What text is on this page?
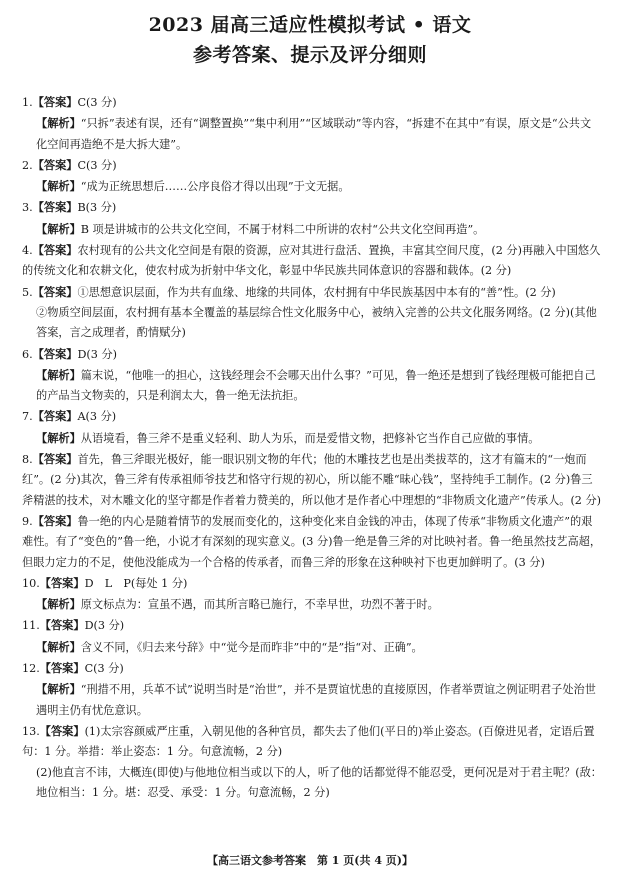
2023 届高三适应性模拟考试 • 语文
参考答案、提示及评分细则

1.【答案】C(3 分)

【解析】“只拆”表述有误，还有“调整置换”“集中利用”“区域联动”等内容，“拆建不在其中”有误，原文是“公共文化空间再造绝不是大拆大建”。

2.【答案】C(3 分)

【解析】“成为正统思想后……公序良俗才得以出现”于文无据。

3.【答案】B(3 分)

【解析】B 项是讲城市的公共文化空间，不属于材料二中所讲的农村“公共文化空间再造”。

4.【答案】农村现有的公共文化空间是有限的资源，应对其进行盘活、置换，丰富其空间尺度，(2 分)再融入中国悠久的传统文化和农耕文化，使农村成为折射中华文化，彰显中华民族共同体意识的容器和载体。(2 分)

5.【答案】①思想意识层面，作为共有血缘、地缘的共同体，农村拥有中华民族基因中本有的“善”性。(2 分)

②物质空间层面，农村拥有基本全覆盖的基层综合性文化服务中心，被纳入完善的公共文化服务网络。(2 分)(其他答案，言之成理者，酌情赋分)

6.【答案】D(3 分)

【解析】篇末说，“他唯一的担心，这钱经理会不会哪天出什么事？”可见，鲁一绝还是想到了钱经理极可能把自己的产品当文物卖的，只是利润太大，鲁一绝无法抗拒。

7.【答案】A(3 分)

【解析】从语境看，鲁三斧不是重义轻利、助人为乐，而是爱惜文物，把修补它当作自己应做的事情。

8.【答案】首先，鲁三斧眼光极好，能一眼识别文物的年代；他的木雕技艺也是出类拔萃的，这才有篇末的“一炮而红”。(2 分)其次，鲁三斧有传承祖师爷技艺和恪守行规的初心，所以能不雕“昧心钱”，坚持纯手工制作。(2 分)鲁三斧精湛的技术，对木雕文化的坚守都是作者着力赞美的，所以他才是作者心中理想的“非物质文化遗产”传承人。(2 分)

9.【答案】鲁一绝的内心是随着情节的发展而变化的，这种变化来自金钱的冲击，体现了传承“非物质文化遗产”的艰难性。有了“变色的”鲁一绝，小说才有深刻的现实意义。(3 分)鲁一绝是鲁三斧的对比映衬者。鲁一绝虽然技艺高超，但眼力定力的不足，使他没能成为一个合格的传承者，而鲁三斧的形象在这种映衬下也更加鲜明了。(3 分)

10.【答案】D　L　P(每处 1 分)

【解析】原文标点为：宣虽不遇，而其所言略已施行，不幸早世，功烈不著于时。

11.【答案】D(3 分)

【解析】含义不同，《归去来兮辞》中“觉今是而昨非”中的“是”指“对、正确”。

12.【答案】C(3 分)

【解析】“刑措不用，兵革不试”说明当时是“治世”，并不是贾谊忧患的直接原因，作者举贾谊之例证明君子处治世遇明主仍有忧危意识。

13.【答案】(1)太宗容颜威严庄重，入朝见他的各种官员，都失去了他们(平日的)举止姿态。(百僚进见者，定语后置句：1 分。举措：举止姿态：1 分。句意流畅，2 分)

(2)他直言不讳，大概连(即使)与他地位相当或以下的人，听了他的话都觉得不能忍受，更何况是对于君主呢？(敌：地位相当：1 分。堪：忍受、承受：1 分。句意流畅，2 分)

【高三语文参考答案　第 1 页(共 4 页)】
